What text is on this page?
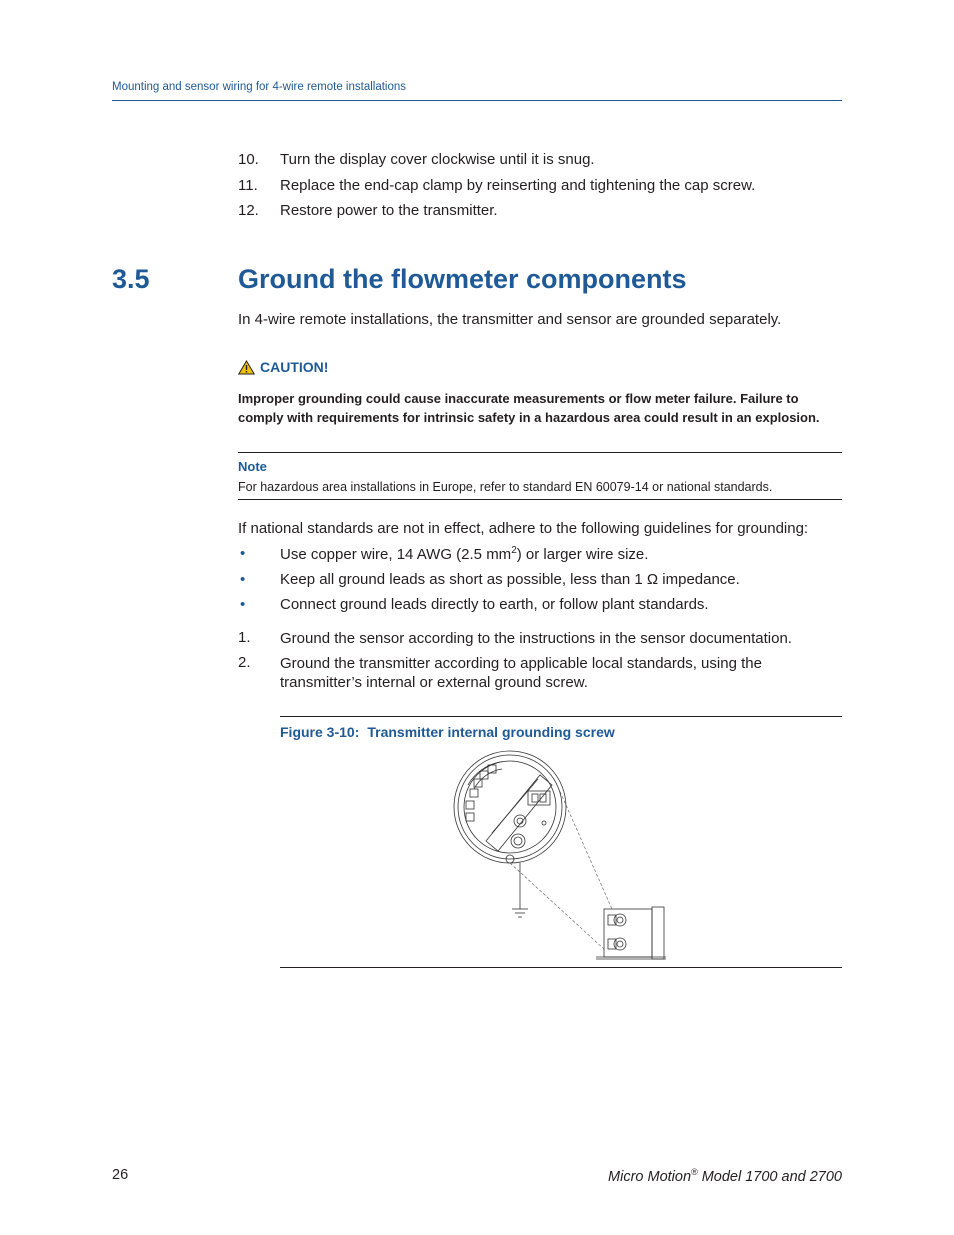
Mounting and sensor wiring for 4-wire remote installations
10. Turn the display cover clockwise until it is snug.
11. Replace the end-cap clamp by reinserting and tightening the cap screw.
12. Restore power to the transmitter.
3.5	Ground the flowmeter components
In 4-wire remote installations, the transmitter and sensor are grounded separately.
CAUTION!
Improper grounding could cause inaccurate measurements or flow meter failure. Failure to comply with requirements for intrinsic safety in a hazardous area could result in an explosion.
Note
For hazardous area installations in Europe, refer to standard EN 60079-14 or national standards.
If national standards are not in effect, adhere to the following guidelines for grounding:
• Use copper wire, 14 AWG (2.5 $mm^2$) or larger wire size.
• Keep all ground leads as short as possible, less than 1 Ω impedance.
• Connect ground leads directly to earth, or follow plant standards.
1. Ground the sensor according to the instructions in the sensor documentation.
2. Ground the transmitter according to applicable local standards, using the transmitter’s internal or external ground screw.
Figure 3-10: Transmitter internal grounding screw
26	Micro Motion® Model 1700 and 2700
